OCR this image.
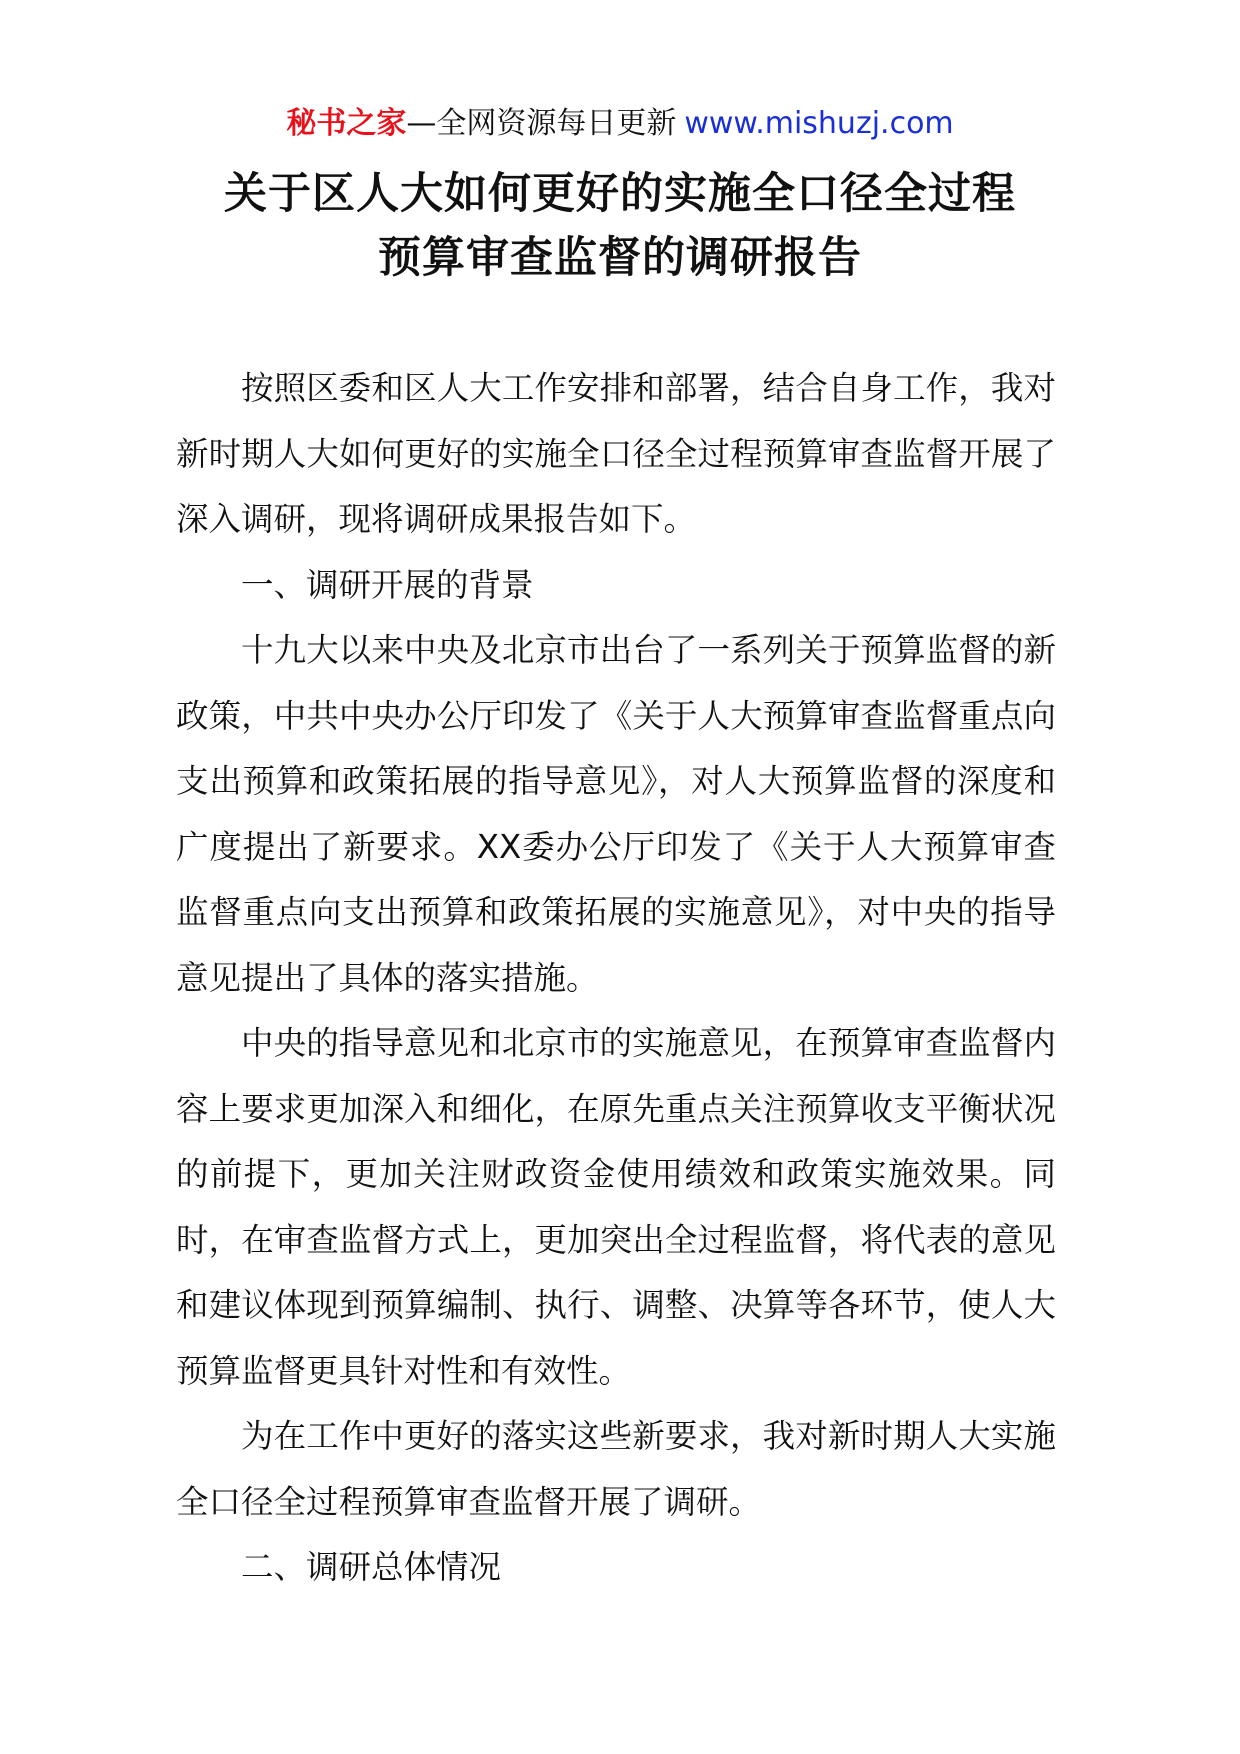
秘书之家—全网资源每日更新 www.mishuzj.com
关于区人大如何更好的实施全口径全过程
预算审查监督的调研报告

按照区委和区人大工作安排和部署，结合自身工作，我对新时期人大如何更好的实施全口径全过程预算审查监督开展了深入调研，现将调研成果报告如下。

一、调研开展的背景

十九大以来中央及北京市出台了一系列关于预算监督的新政策，中共中央办公厅印发了《关于人大预算审查监督重点向支出预算和政策拓展的指导意见》，对人大预算监督的深度和广度提出了新要求。XX委办公厅印发了《关于人大预算审查监督重点向支出预算和政策拓展的实施意见》，对中央的指导意见提出了具体的落实措施。

中央的指导意见和北京市的实施意见，在预算审查监督内容上要求更加深入和细化，在原先重点关注预算收支平衡状况的前提下，更加关注财政资金使用绩效和政策实施效果。同时，在审查监督方式上，更加突出全过程监督，将代表的意见和建议体现到预算编制、执行、调整、决算等各环节，使人大预算监督更具针对性和有效性。

为在工作中更好的落实这些新要求，我对新时期人大实施全口径全过程预算审查监督开展了调研。

二、调研总体情况
